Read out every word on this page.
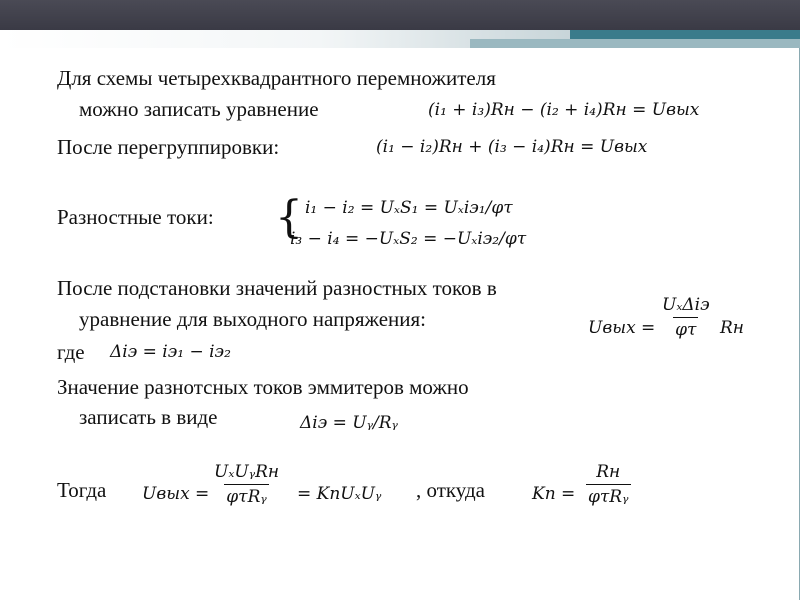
Для схемы четырехквадрантного перемножителя
можно записать уравнение	(i₁ + i₃)Rн − (i₂ + i₄)Rн = Uвых
После перегруппировки:	(i₁ − i₂)Rн + (i₃ − i₄)Rн = Uвых
Разностные токи: { i₁ − i₂ = UₓS₁ = Uₓiэ₁/φτ
i₃ − i₄ = −UₓS₂ = −Uₓiэ₂/φτ
После подстановки значений разностных токов в
уравнение для выходного напряжения:	Uвых =
UₓΔiэ
φτ Rн
где Δiэ = iэ₁ − iэ₂
Значение разнотсных токов эммитеров можно
записать в виде	Δiэ = Uᵧ/Rᵧ
Тогда Uвых =
UₓUᵧRн
φτRᵧ = KпUₓUᵧ , откуда	Kп =
Rн
φτRᵧ
